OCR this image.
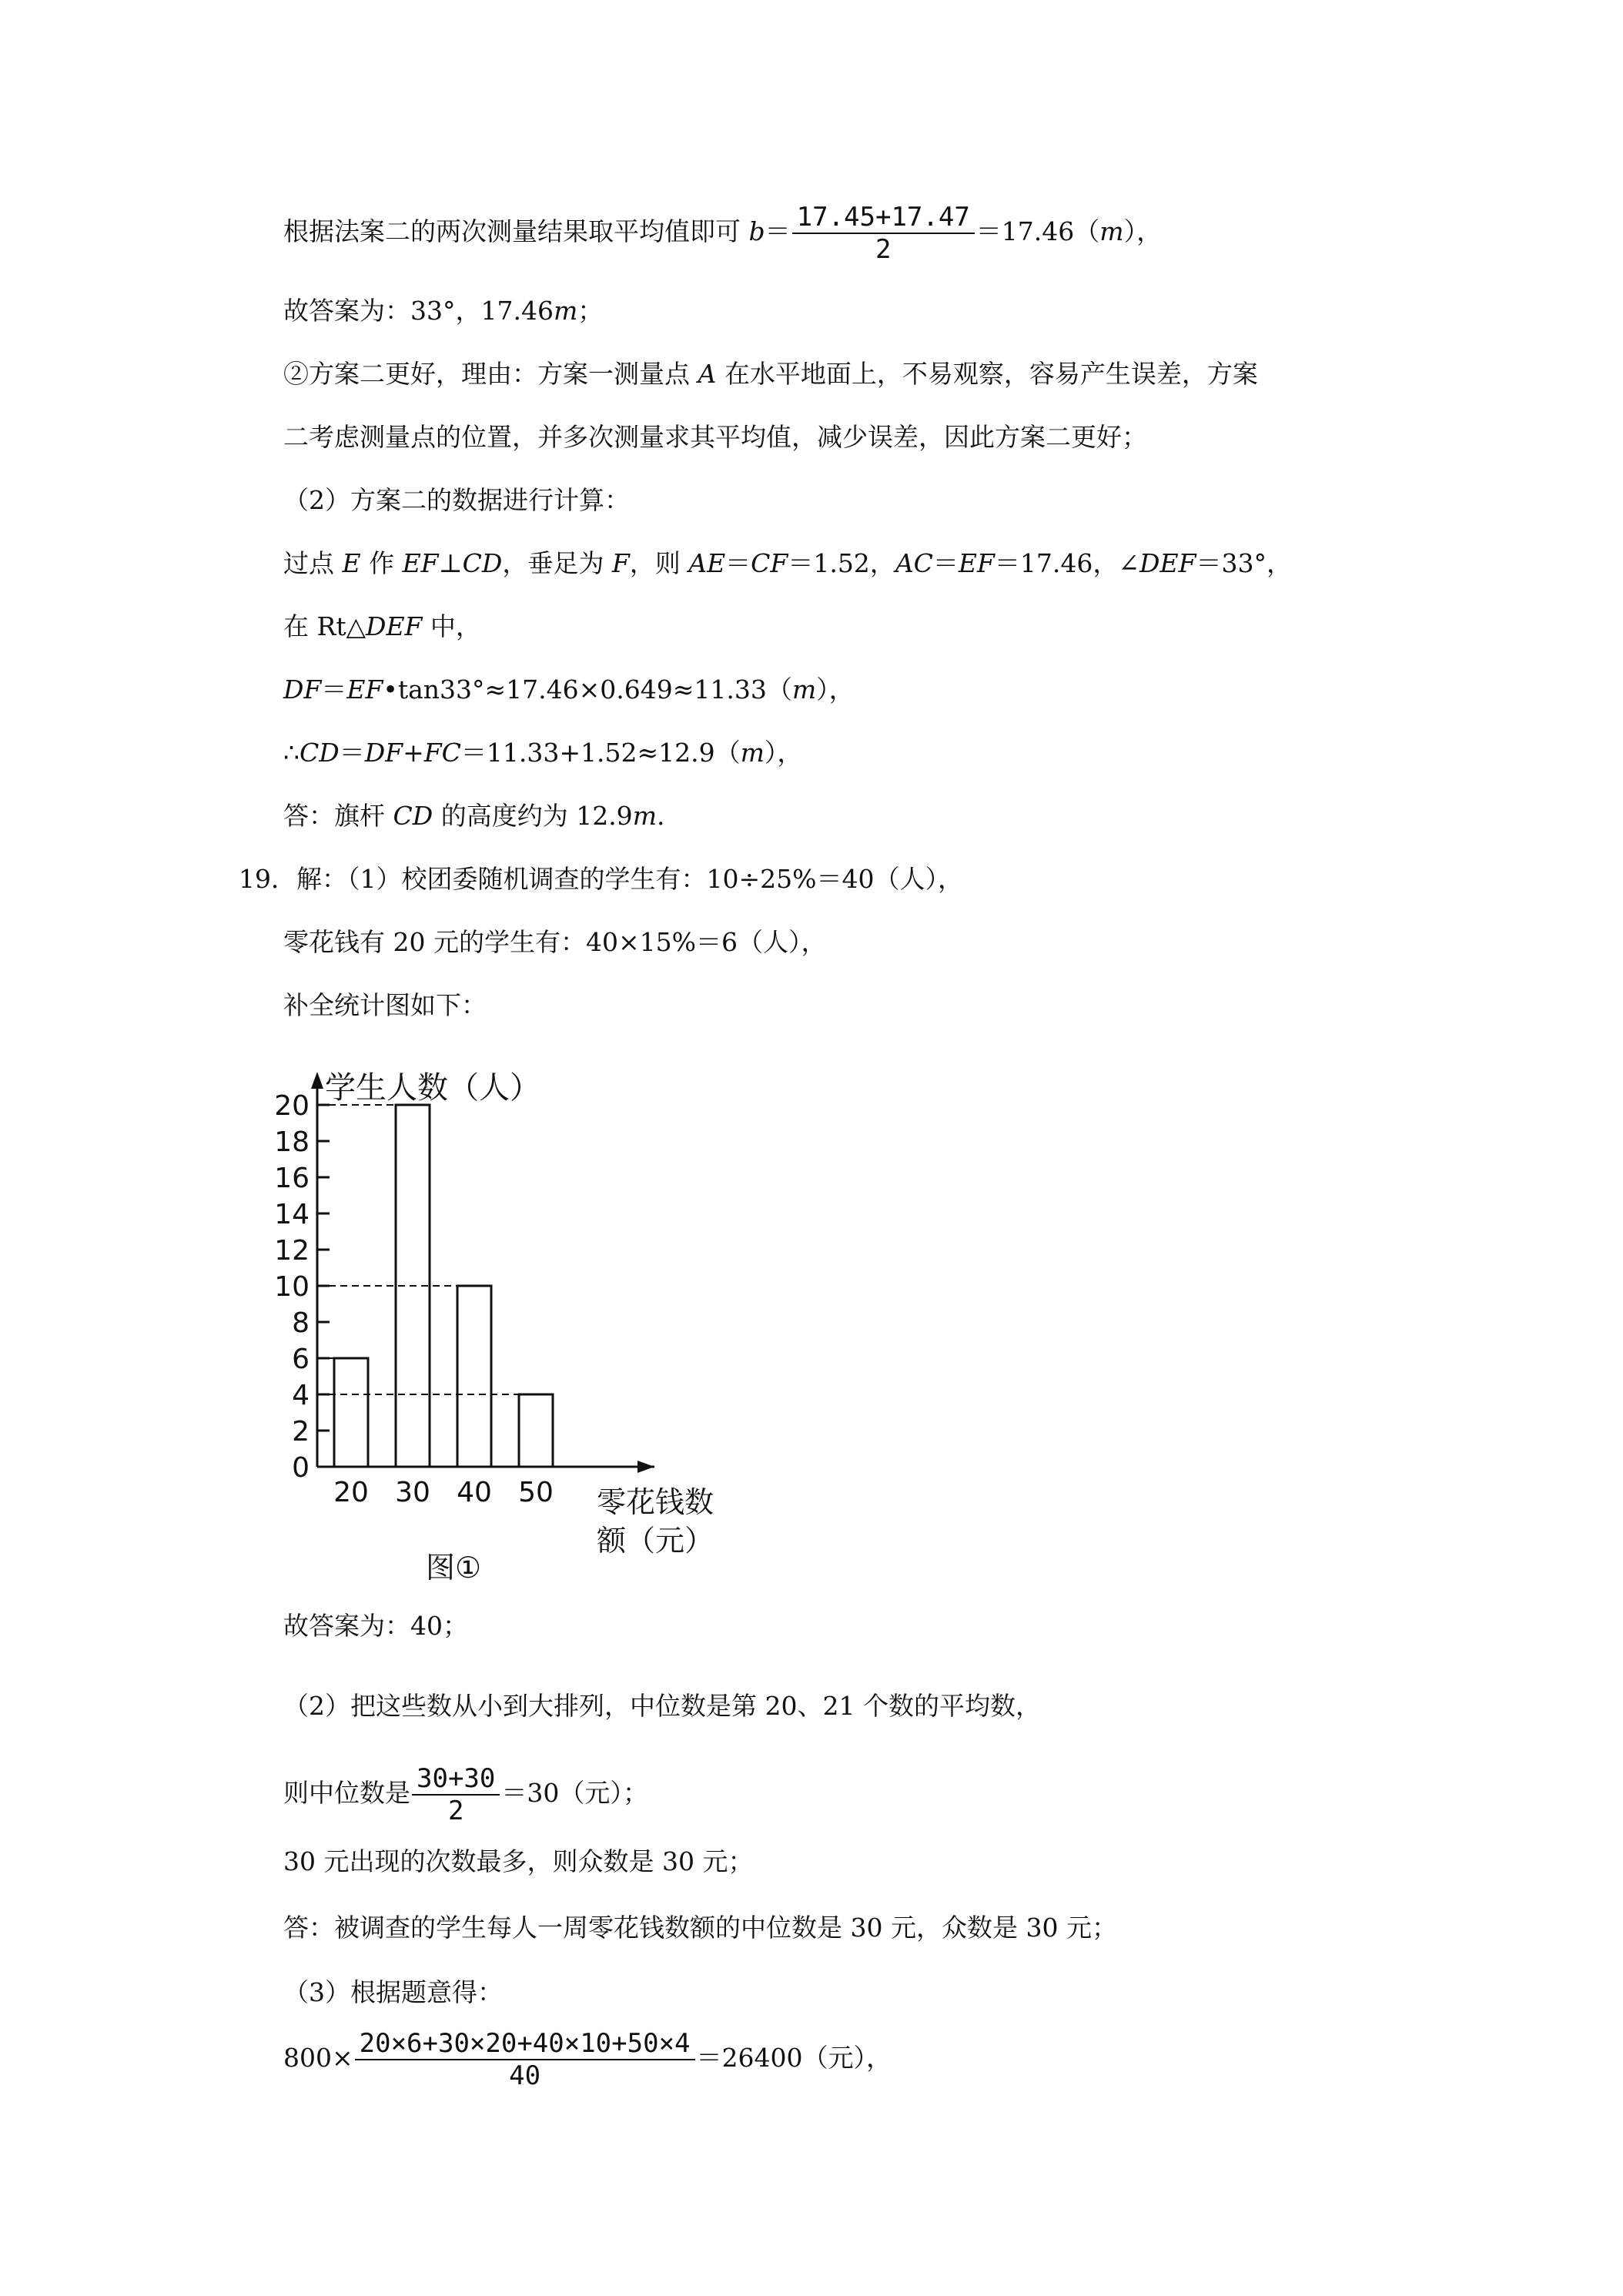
根据法案二的两次测量结果取平均值即可 $b= \frac{17.45+17.47}{2} =17.46(m)$，
故答案为：33°，17.46m；
②方案二更好，理由：方案一测量点 A 在水平地面上，不易观察，容易产生误差，方案
二考虑测量点的位置，并多次测量求其平均值，减少误差，因此方案二更好；
（2）方案二的数据进行计算：
过点 E 作 EF⊥CD，垂足为 F，则 AE＝CF＝1.52，AC＝EF＝17.46，∠DEF＝33°，
在 Rt△DEF 中，
DF＝EF•tan33°≈17.46×0.649≈11.33（m），
∴CD＝DF+FC＝11.33+1.52≈12.9（m），
答：旗杆 CD 的高度约为 12.9m.
19．解：（1）校团委随机调查的学生有：10÷25%＝40（人），
零花钱有 20 元的学生有：40×15%＝6（人），
补全统计图如下：
学生人数（人）
零花钱数
额（元）
图①
0
2
4
6
8
10
12
14
16
18
20
20 30 40 50
故答案为：40；
（2）把这些数从小到大排列，中位数是第 20、21 个数的平均数，
则中位数是 $\frac{30+30}{2} =30$（元）；
30 元出现的次数最多，则众数是 30 元；
答：被调查的学生每人一周零花钱数额的中位数是 30 元，众数是 30 元；
（3）根据题意得：
$800\times \frac{20\times 6+30\times 20+40\times 10+50\times 4}{40} =26400$（元），
